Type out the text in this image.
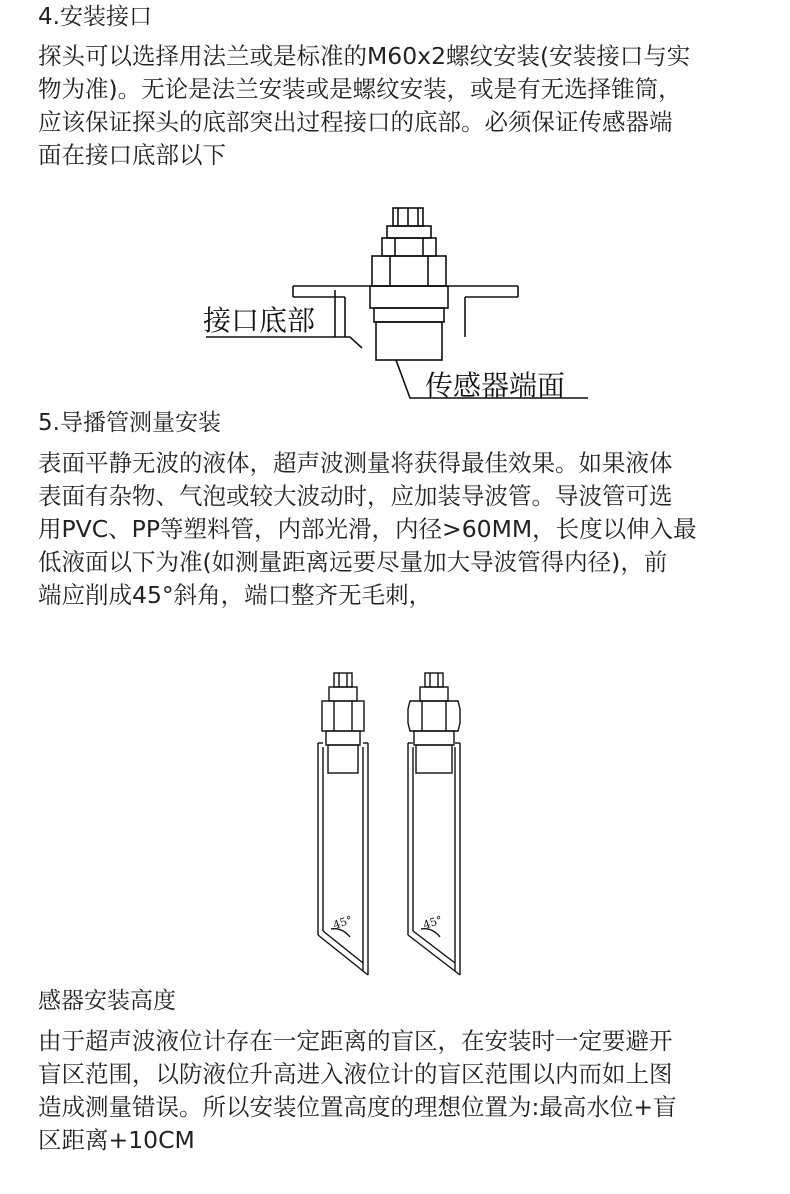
4.安装接口
探头可以选择用法兰或是标准的M60x2螺纹安装(安装接口与实
物为准)。无论是法兰安装或是螺纹安装，或是有无选择锥筒，
应该保证探头的底部突出过程接口的底部。必须保证传感器端
面在接口底部以下
接口底部
传感器端面
5.导播管测量安装
表面平静无波的液体，超声波测量将获得最佳效果。如果液体
表面有杂物、气泡或较大波动时，应加装导波管。导波管可选
用PVC、PP等塑料管，内部光滑，内径>60MM，长度以伸入最
低液面以下为准(如测量距离远要尽量加大导波管得内径)，前
端应削成45°斜角，端口整齐无毛刺，
45°	45°
感器安装高度
由于超声波液位计存在一定距离的盲区，在安装时一定要避开
盲区范围，以防液位升高进入液位计的盲区范围以内而如上图
造成测量错误。所以安装位置高度的理想位置为:最高水位+盲
区距离+10CM
